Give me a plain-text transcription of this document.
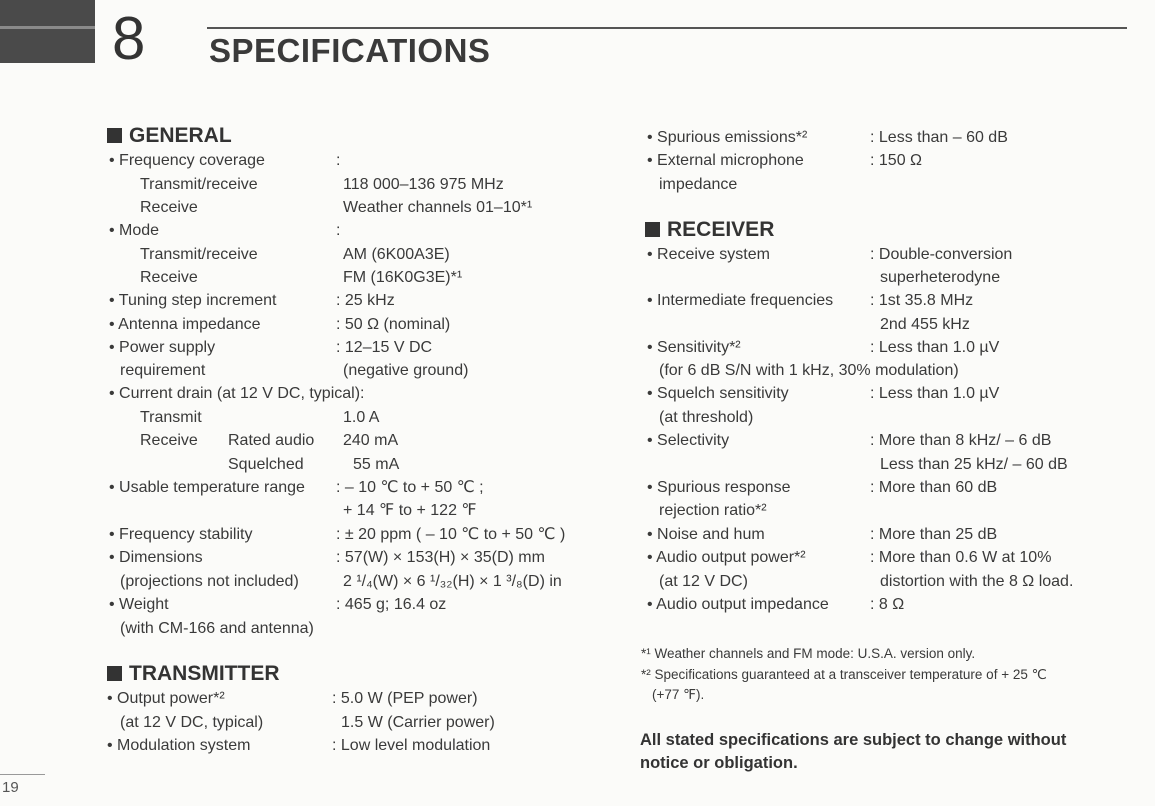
8 SPECIFICATIONS
GENERAL
• Frequency coverage	:
Transmit/receive	118 000–136 975 MHz
Receive	Weather channels 01–10*¹
• Mode	:
Transmit/receive	AM (6K00A3E)
Receive	FM (16K0G3E)*¹
• Tuning step increment	: 25 kHz
• Antenna impedance	: 50 Ω (nominal)
• Power supply	: 12–15 V DC
requirement	(negative ground)
• Current drain (at 12 V DC, typical):
Transmit	1.0 A
Receive Rated audio 240 mA
Squelched	55 mA
• Usable temperature range : – 10 ℃ to + 50 ℃ ;
+ 14 ℉ to + 122 ℉
• Frequency stability	: ± 20 ppm ( – 10 ℃ to + 50 ℃ )
• Dimensions	: 57(W) × 153(H) × 35(D) mm
(projections not included)	2 ¹/₄(W) × 6 ¹/₃₂(H) × 1 ³/₈(D) in
• Weight	: 465 g; 16.4 oz
(with CM-166 and antenna)
TRANSMITTER
• Output power*²	: 5.0 W (PEP power)
(at 12 V DC, typical)	1.5 W (Carrier power)
• Modulation system	: Low level modulation
• Spurious emissions*²	: Less than – 60 dB
• External microphone	: 150 Ω
impedance
RECEIVER
• Receive system	: Double-conversion
superheterodyne
• Intermediate frequencies : 1st 35.8 MHz
2nd 455 kHz
• Sensitivity*²	: Less than 1.0 µV
(for 6 dB S/N with 1 kHz, 30% modulation)
• Squelch sensitivity	: Less than 1.0 µV
(at threshold)
• Selectivity	: More than 8 kHz/ – 6 dB
Less than 25 kHz/ – 60 dB
• Spurious response	: More than 60 dB
rejection ratio*²
• Noise and hum	: More than 25 dB
• Audio output power*²	: More than 0.6 W at 10%
(at 12 V DC)	distortion with the 8 Ω load.
• Audio output impedance	: 8 Ω
*¹ Weather channels and FM mode: U.S.A. version only.
*² Specifications guaranteed at a transceiver temperature of + 25 ℃
(+77 ℉).
All stated specifications are subject to change without
notice or obligation.
19
